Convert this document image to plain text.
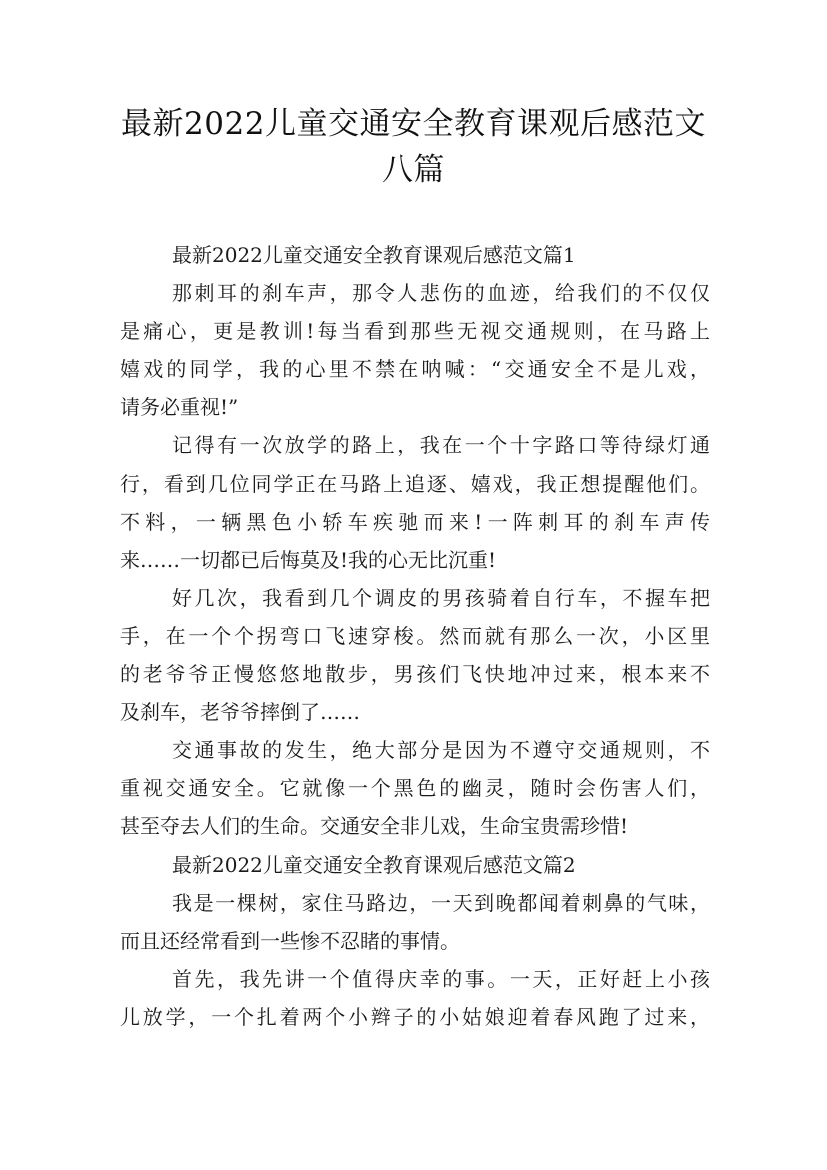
最新2022儿童交通安全教育课观后感范文
八篇
最新2022儿童交通安全教育课观后感范文篇1
那刺耳的刹车声，那令人悲伤的血迹，给我们的不仅仅
是痛心，更是教训!每当看到那些无视交通规则，在马路上
嬉戏的同学，我的心里不禁在呐喊：“交通安全不是儿戏，
请务必重视!”
记得有一次放学的路上，我在一个十字路口等待绿灯通
行，看到几位同学正在马路上追逐、嬉戏，我正想提醒他们。
不料，一辆黑色小轿车疾驰而来!一阵刺耳的刹车声传
来……一切都已后悔莫及!我的心无比沉重!
好几次，我看到几个调皮的男孩骑着自行车，不握车把
手，在一个个拐弯口飞速穿梭。然而就有那么一次，小区里
的老爷爷正慢悠悠地散步，男孩们飞快地冲过来，根本来不
及刹车，老爷爷摔倒了……
交通事故的发生，绝大部分是因为不遵守交通规则，不
重视交通安全。它就像一个黑色的幽灵，随时会伤害人们，
甚至夺去人们的生命。交通安全非儿戏，生命宝贵需珍惜!
最新2022儿童交通安全教育课观后感范文篇2
我是一棵树，家住马路边，一天到晚都闻着刺鼻的气味，
而且还经常看到一些惨不忍睹的事情。
首先，我先讲一个值得庆幸的事。一天，正好赶上小孩
儿放学，一个扎着两个小辫子的小姑娘迎着春风跑了过来，
